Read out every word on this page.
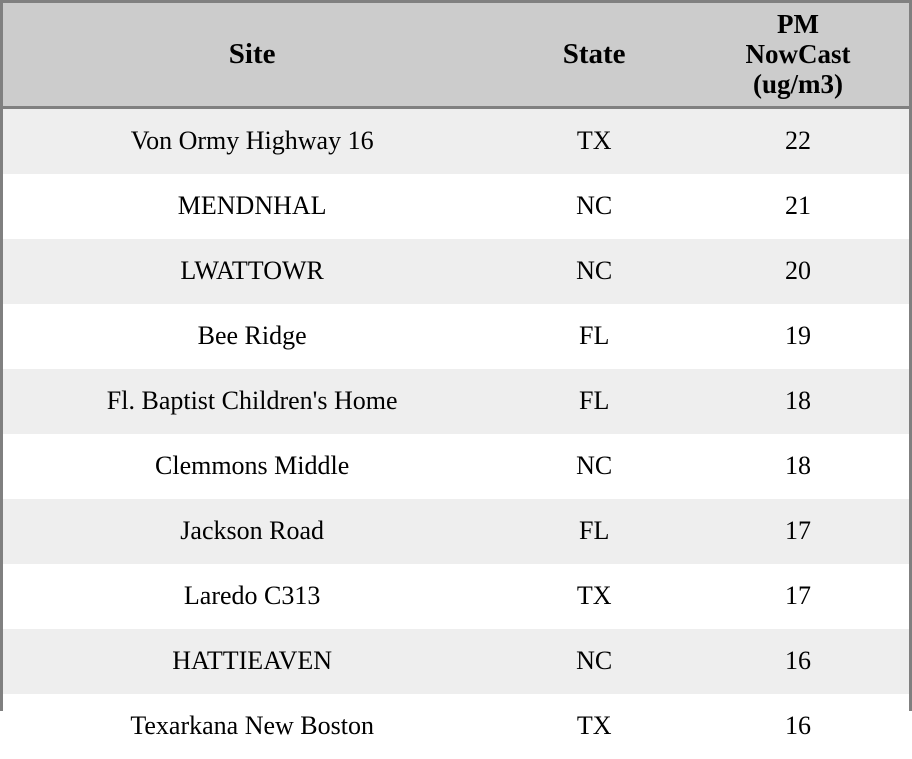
Site	State	PM
NowCast
(ug/m3)

Von Ormy Highway 16	TX	22
MENDNHAL	NC	21
LWATTOWR	NC	20
Bee Ridge	FL	19
Fl. Baptist Children's Home	FL	18
Clemmons Middle	NC	18
Jackson Road	FL	17
Laredo C313	TX	17
HATTIEAVEN	NC	16
Texarkana New Boston	TX	16
